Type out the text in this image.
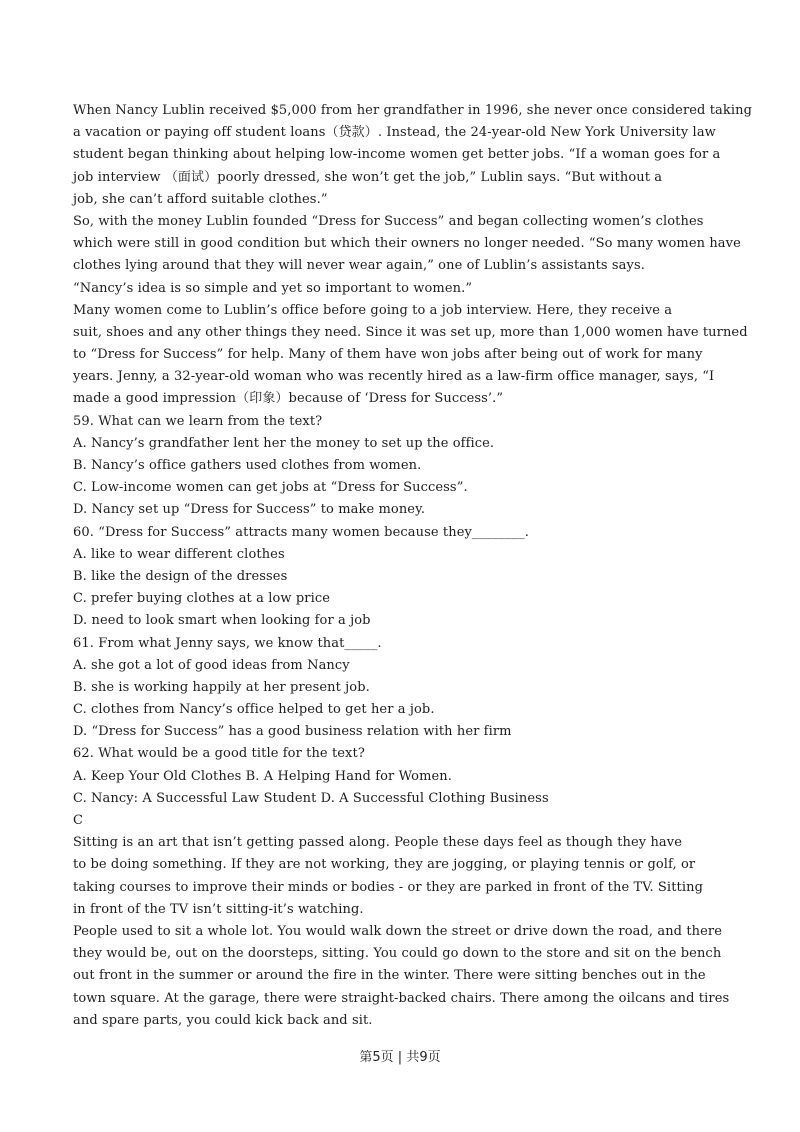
When Nancy Lublin received $5,000 from her grandfather in 1996, she never once considered taking
a vacation or paying off student loans（贷款）. Instead, the 24-year-old New York University law
student began thinking about helping low-income women get better jobs. “If a woman goes for a
job interview （面试）poorly dressed, she won’t get the job,” Lublin says. “But without a
job, she can’t afford suitable clothes.”
So, with the money Lublin founded “Dress for Success” and began collecting women’s clothes
which were still in good condition but which their owners no longer needed. “So many women have
clothes lying around that they will never wear again,” one of Lublin’s assistants says.
“Nancy’s idea is so simple and yet so important to women.”
Many women come to Lublin’s office before going to a job interview. Here, they receive a
suit, shoes and any other things they need. Since it was set up, more than 1,000 women have turned
to “Dress for Success” for help. Many of them have won jobs after being out of work for many
years. Jenny, a 32-year-old woman who was recently hired as a law-firm office manager, says, “I
made a good impression（印象）because of ‘Dress for Success’.”
59. What can we learn from the text?
A. Nancy’s grandfather lent her the money to set up the office.
B. Nancy’s office gathers used clothes from women.
C. Low-income women can get jobs at “Dress for Success”.
D. Nancy set up “Dress for Success” to make money.
60. “Dress for Success” attracts many women because they________.
A. like to wear different clothes
B. like the design of the dresses
C. prefer buying clothes at a low price
D. need to look smart when looking for a job
61. From what Jenny says, we know that_____.
A. she got a lot of good ideas from Nancy
B. she is working happily at her present job.
C. clothes from Nancy’s office helped to get her a job.
D. “Dress for Success” has a good business relation with her firm
62. What would be a good title for the text?
A. Keep Your Old Clothes B. A Helping Hand for Women.
C. Nancy: A Successful Law Student D. A Successful Clothing Business
C
Sitting is an art that isn’t getting passed along. People these days feel as though they have
to be doing something. If they are not working, they are jogging, or playing tennis or golf, or
taking courses to improve their minds or bodies - or they are parked in front of the TV. Sitting
in front of the TV isn’t sitting-it’s watching.
People used to sit a whole lot. You would walk down the street or drive down the road, and there
they would be, out on the doorsteps, sitting. You could go down to the store and sit on the bench
out front in the summer or around the fire in the winter. There were sitting benches out in the
town square. At the garage, there were straight-backed chairs. There among the oilcans and tires
and spare parts, you could kick back and sit.
第5页 | 共9页
